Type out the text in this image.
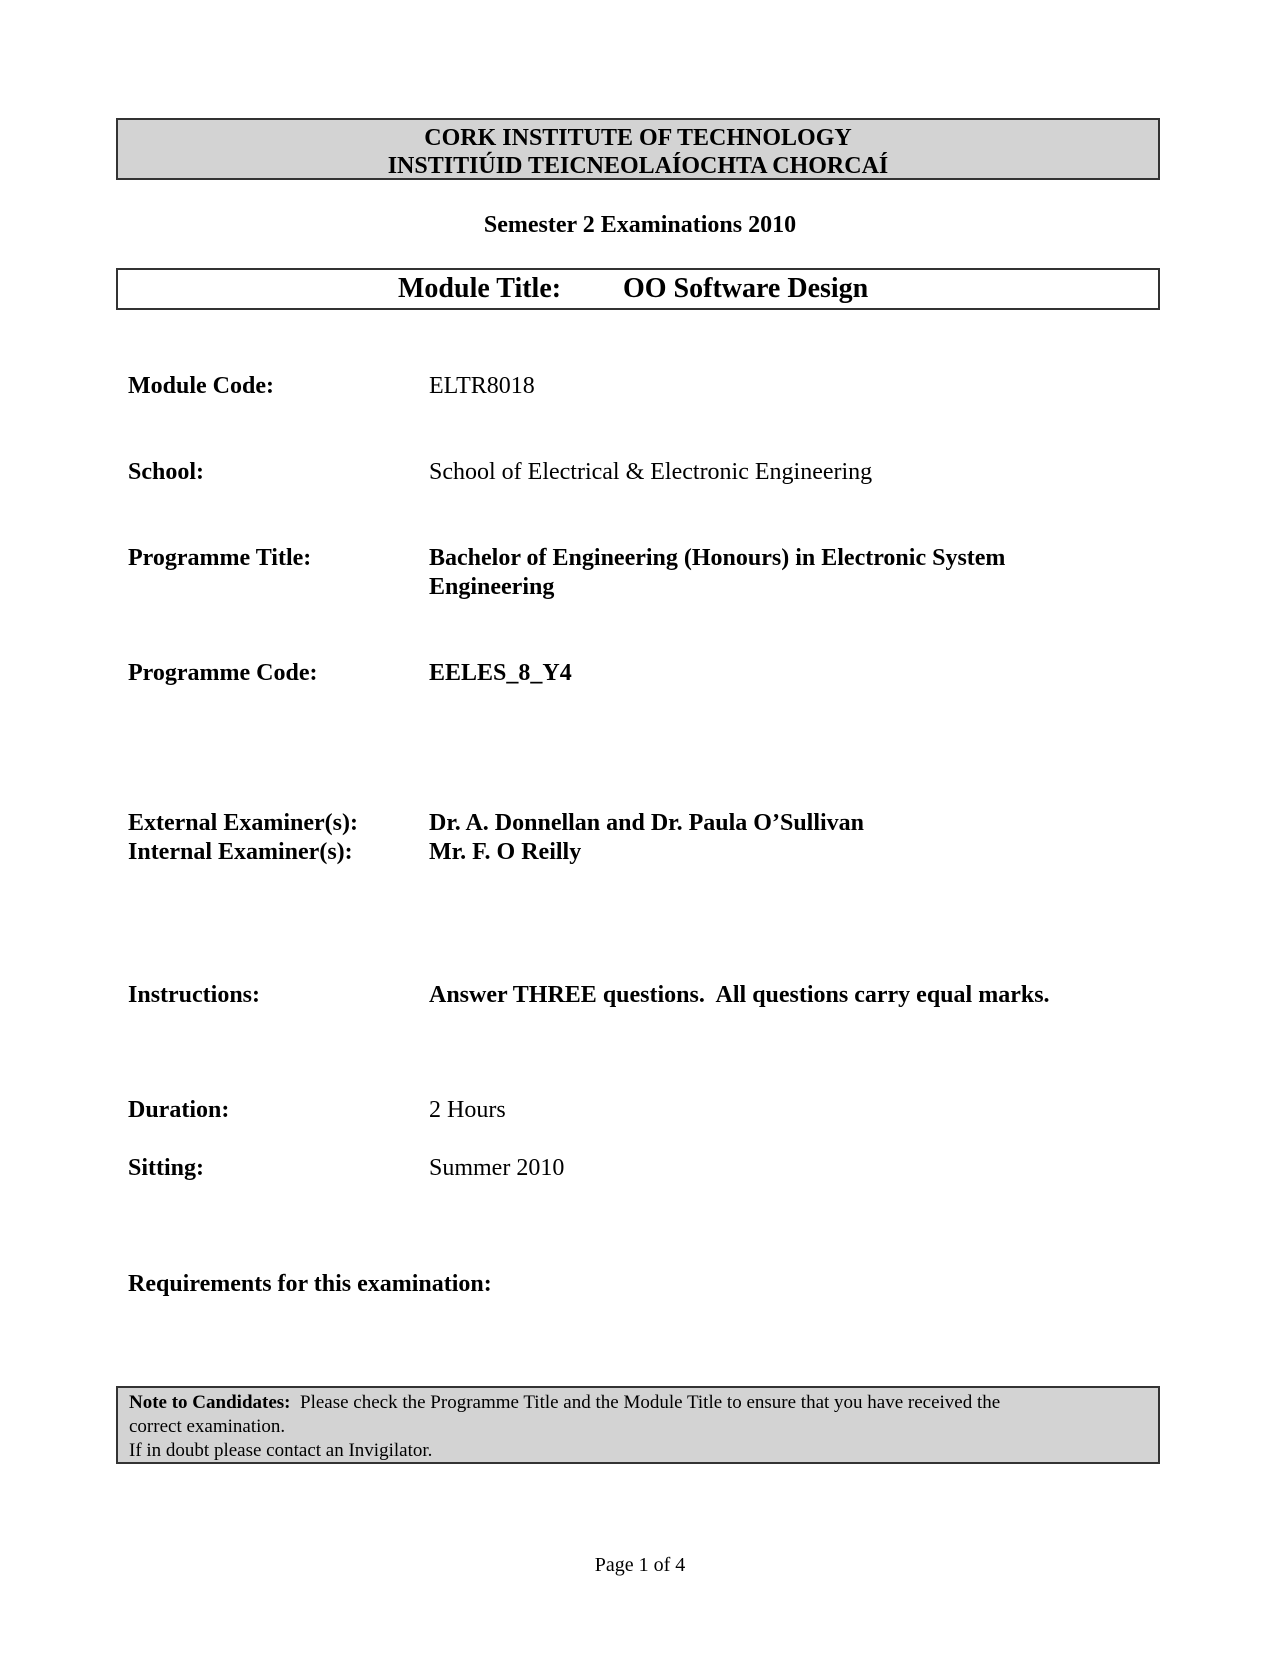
CORK INSTITUTE OF TECHNOLOGY
INSTITIÚID TEICNEOLAÍOCHTA CHORCAÍ
Semester 2 Examinations 2010
Module Title: OO Software Design
Module Code:	ELTR8018
School:	School of Electrical & Electronic Engineering
Programme Title:	Bachelor of Engineering (Honours) in Electronic System
Engineering
Programme Code:	EELES_8_Y4
External Examiner(s):	Dr. A. Donnellan and Dr. Paula O’Sullivan
Internal Examiner(s):	Mr. F. O Reilly
Instructions:	Answer THREE questions.  All questions carry equal marks.
Duration:	2 Hours
Sitting:	Summer 2010
Requirements for this examination:
Note to Candidates: Please check the Programme Title and the Module Title to ensure that you have received the
correct examination.
If in doubt please contact an Invigilator.
Page 1 of 4
